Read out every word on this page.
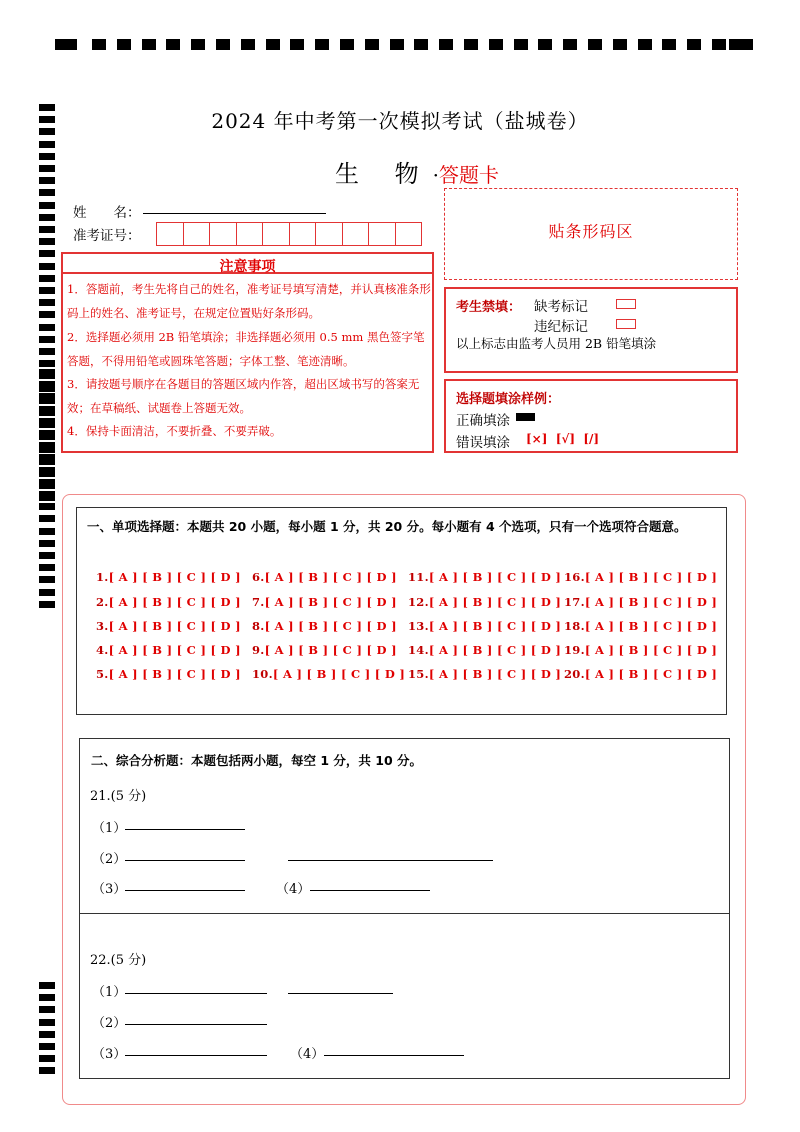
2024 年中考第一次模拟考试（盐城卷）
生 物·答题卡
姓　　名：
准考证号：
注意事项
1．答题前，考生先将自己的姓名，准考证号填写清楚，并认真核准条形码上的姓名、准考证号，在规定位置贴好条形码。
2．选择题必须用 2B 铅笔填涂；非选择题必须用 0.5 mm 黑色签字笔答题，不得用铅笔或圆珠笔答题；字体工整、笔迹清晰。
3．请按题号顺序在各题目的答题区域内作答，超出区域书写的答案无效；在草稿纸、试题卷上答题无效。
4．保持卡面清洁，不要折叠、不要弄破。
贴条形码区
考生禁填： 缺考标记
违纪标记
以上标志由监考人员用 2B 铅笔填涂
选择题填涂样例：
正确填涂
错误填涂 [×]  [√]  [/]
一、单项选择题：本题共 20 小题，每小题 1 分，共 20 分。每小题有 4 个选项，只有一个选项符合题意。
1.[ A ] [ B ] [ C ] [ D ]
2.[ A ] [ B ] [ C ] [ D ]
3.[ A ] [ B ] [ C ] [ D ]
4.[ A ] [ B ] [ C ] [ D ]
5.[ A ] [ B ] [ C ] [ D ]
6.[ A ] [ B ] [ C ] [ D ]
7.[ A ] [ B ] [ C ] [ D ]
8.[ A ] [ B ] [ C ] [ D ]
9.[ A ] [ B ] [ C ] [ D ]
10.[ A ] [ B ] [ C ] [ D ]
11.[ A ] [ B ] [ C ] [ D ]
12.[ A ] [ B ] [ C ] [ D ]
13.[ A ] [ B ] [ C ] [ D ]
14.[ A ] [ B ] [ C ] [ D ]
15.[ A ] [ B ] [ C ] [ D ]
16.[ A ] [ B ] [ C ] [ D ]
17.[ A ] [ B ] [ C ] [ D ]
18.[ A ] [ B ] [ C ] [ D ]
19.[ A ] [ B ] [ C ] [ D ]
20.[ A ] [ B ] [ C ] [ D ]
二、综合分析题：本题包括两小题，每空 1 分，共 10 分。
21.(5 分)
（1）
（2）
（3）	（4）
22.(5 分)
（1）
（2）
（3）	（4）
